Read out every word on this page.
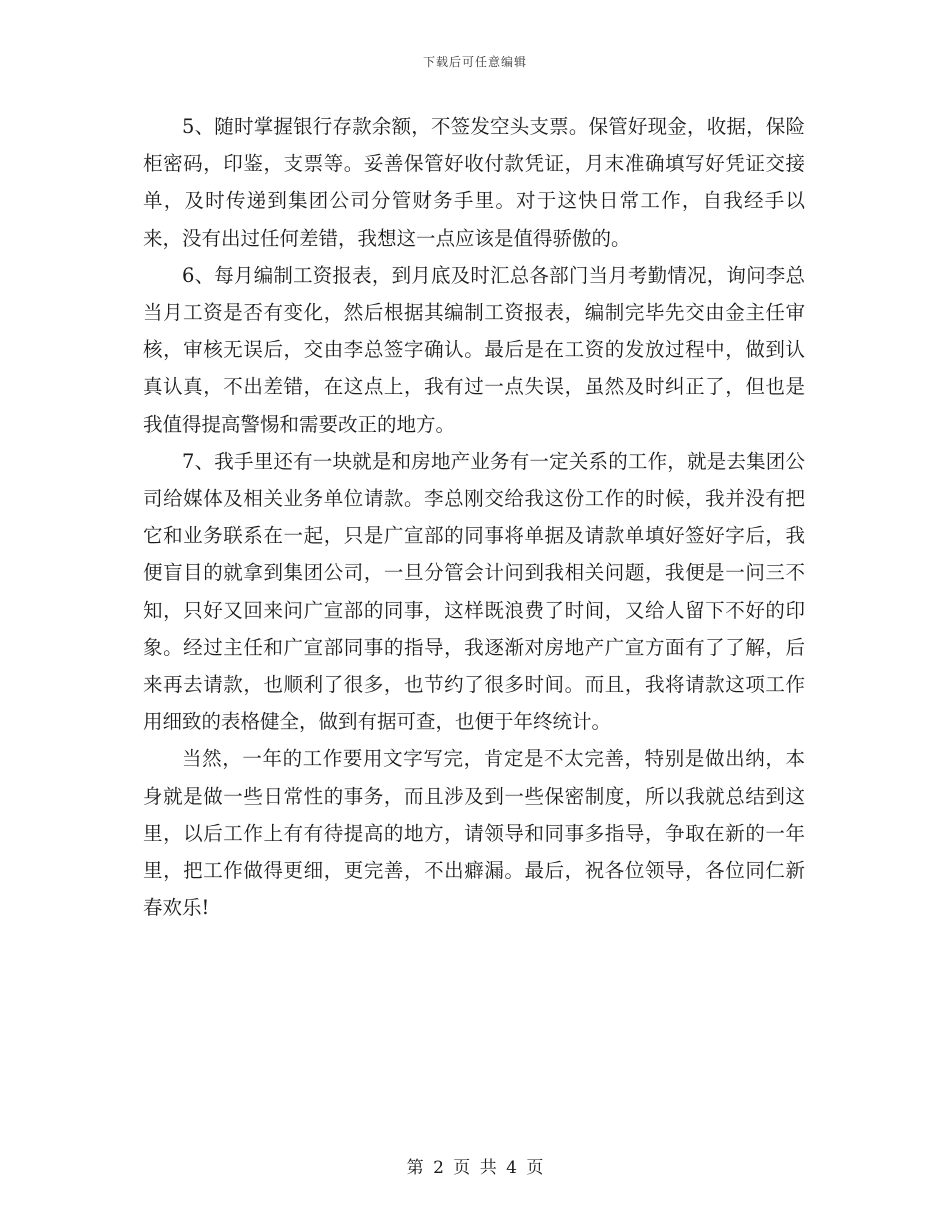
下载后可任意编辑

5、随时掌握银行存款余额，不签发空头支票。保管好现金，收据，保险柜密码，印鉴，支票等。妥善保管好收付款凭证，月末准确填写好凭证交接单，及时传递到集团公司分管财务手里。对于这快日常工作，自我经手以来，没有出过任何差错，我想这一点应该是值得骄傲的。

6、每月编制工资报表，到月底及时汇总各部门当月考勤情况，询问李总当月工资是否有变化，然后根据其编制工资报表，编制完毕先交由金主任审核，审核无误后，交由李总签字确认。最后是在工资的发放过程中，做到认真认真，不出差错，在这点上，我有过一点失误，虽然及时纠正了，但也是我值得提高警惕和需要改正的地方。

7、我手里还有一块就是和房地产业务有一定关系的工作，就是去集团公司给媒体及相关业务单位请款。李总刚交给我这份工作的时候，我并没有把它和业务联系在一起，只是广宣部的同事将单据及请款单填好签好字后，我便盲目的就拿到集团公司，一旦分管会计问到我相关问题，我便是一问三不知，只好又回来问广宣部的同事，这样既浪费了时间，又给人留下不好的印象。经过主任和广宣部同事的指导，我逐渐对房地产广宣方面有了了解，后来再去请款，也顺利了很多，也节约了很多时间。而且，我将请款这项工作用细致的表格健全，做到有据可查，也便于年终统计。

当然，一年的工作要用文字写完，肯定是不太完善，特别是做出纳，本身就是做一些日常性的事务，而且涉及到一些保密制度，所以我就总结到这里，以后工作上有有待提高的地方，请领导和同事多指导，争取在新的一年里，把工作做得更细，更完善，不出癖漏。最后，祝各位领导，各位同仁新春欢乐!

第 2 页 共 4 页
